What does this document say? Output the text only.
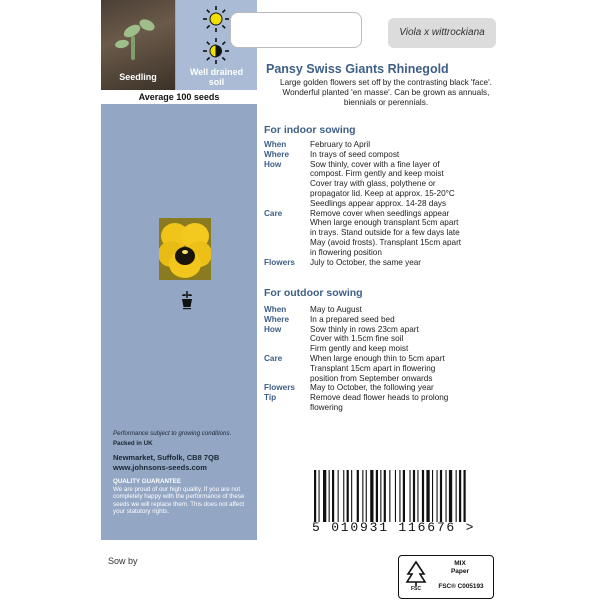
Seedling	Well drained
soil
Average 100 seeds
Performance subject to growing conditions.
Packed in UK
Newmarket, Suffolk, CB8 7QB
www.johnsons-seeds.com
QUALITY GUARANTEE
We are proud of our high quality. If you are not completely happy with the performance of these seeds we will replace them. This does not affect your statutory rights.
Sow by
Viola x wittrockiana
Pansy Swiss Giants Rhinegold
Large golden flowers set off by the contrasting black 'face'. Wonderful planted 'en masse'. Can be grown as annuals, biennials or perennials.
For indoor sowing
When	February to April
Where	In trays of seed compost
How	Sow thinly, cover with a fine layer of
compost. Firm gently and keep moist
Cover tray with glass, polythene or
propagator lid. Keep at approx. 15-20°C
Seedlings appear approx. 14-28 days
Care	Remove cover when seedlings appear
When large enough transplant 5cm apart
in trays. Stand outside for a few days late
May (avoid frosts). Transplant 15cm apart
in flowering position
Flowers	July to October, the same year
For outdoor sowing
When	May to August
Where	In a prepared seed bed
How	Sow thinly in rows 23cm apart
Cover with 1.5cm fine soil
Firm gently and keep moist
Care	When large enough thin to 5cm apart
Transplant 15cm apart in flowering
position from September onwards
Flowers	May to October, the following year
Tip	Remove dead flower heads to prolong
flowering
5 010931 116676 >
FSC
MIX
Paper
FSC® C005193
